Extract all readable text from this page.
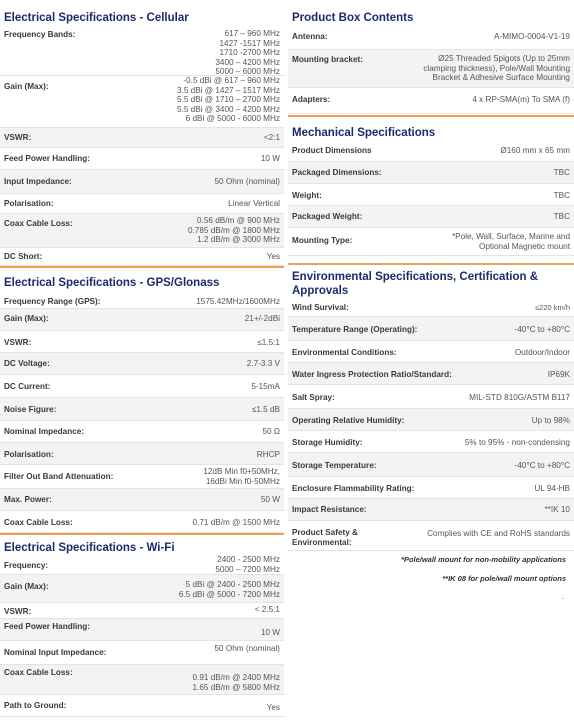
Electrical Specifications - Cellular
Frequency Bands:	617 – 960 MHz
1427 -1517 MHz
1710 -2700 MHz
3400 – 4200 MHz
5000 – 6000 MHz
Gain (Max):
-0.5 dBi @ 617 – 960 MHz
3.5 dBi @ 1427 – 1517 MHz
5.5 dBi @ 1710 – 2700 MHz
5.5 dBi @ 3400 – 4200 MHz
6 dBi @ 5000 - 6000 MHz
VSWR:	<2:1
Feed Power Handling:	10 W
Input Impedance:	50 Ohm (nominal)
Polarisation:	Linear Vertical
Coax Cable Loss:	0.56 dB/m @ 900 MHz
0.785 dB/m @ 1800 MHz
1.2 dB/m @ 3000 MHz
DC Short:	Yes
Electrical Specifications - GPS/Glonass
Frequency Range (GPS):	1575.42MHz/1600MHz
Gain (Max):	21+/-2dBi
VSWR:	≤1.5:1
DC Voltage:	2.7-3.3 V
DC Current:	5-15mA
Noise Figure:	≤1.5 dB
Nominal Impedance:	50 Ω
Polarisation:	RHCP
Filter Out Band Attenuation:
12dB Min f0+50MHz,
16dBi Min f0-50MHz
Max. Power:	50 W
Coax Cable Loss:	0.71 dB/m @ 1500 MHz
Electrical Specifications - Wi-Fi
Frequency:
2400 - 2500 MHz
5000 – 7200 MHz
Gain (Max):	5 dBi @ 2400 - 2500 MHz
6.5 dBi @ 5000 - 7200 MHz
VSWR:	< 2.5:1
Feed Power Handling:
10 W
Nominal Input Impedance:	50 Ohm (nominal)
Coax Cable Loss:
0.91 dB/m @ 2400 MHz
1.65 dB/m @ 5800 MHz
Path to Ground:	Yes
Product Box Contents
Antenna:	A-MIMO-0004-V1-19
Mounting bracket:	Ø25 Threaded Spigots (Up to 25mm
clamping thickness), Pole/Wall Mounting
Bracket & Adhesive Surface Mounting
Adapters:	4 x RP-SMA(m) To SMA (f)
Mechanical Specifications
Product Dimensions	Ø160 mm x 65 mm
Packaged Dimensions:	TBC
Weight:	TBC
Packaged Weight:	TBC
Mounting Type:	*Pole, Wall, Surface, Marine and
Optional Magnetic mount
Environmental Specifications, Certification & Approvals
Wind Survival:	≤220 km/h
Temperature Range (Operating):	-40°C to +80°C
Environmental Conditions:	Outdoor/Indoor
Water Ingress Protection Ratio/Standard:	IP69K
Salt Spray:	MIL-STD 810G/ASTM B117
Operating Relative Humidity:	Up to 98%
Storage Humidity:	5% to 95% - non-condensing
Storage Temperature:	-40°C to +80°C
Enclosure Flammability Rating:	UL 94-HB
Impact Resistance:	**IK 10
Product Safety & Environmental:
Complies with CE and RoHS standards
*Pole/wall mount for non-mobility applications
**IK 08 for pole/wall mount options
.
